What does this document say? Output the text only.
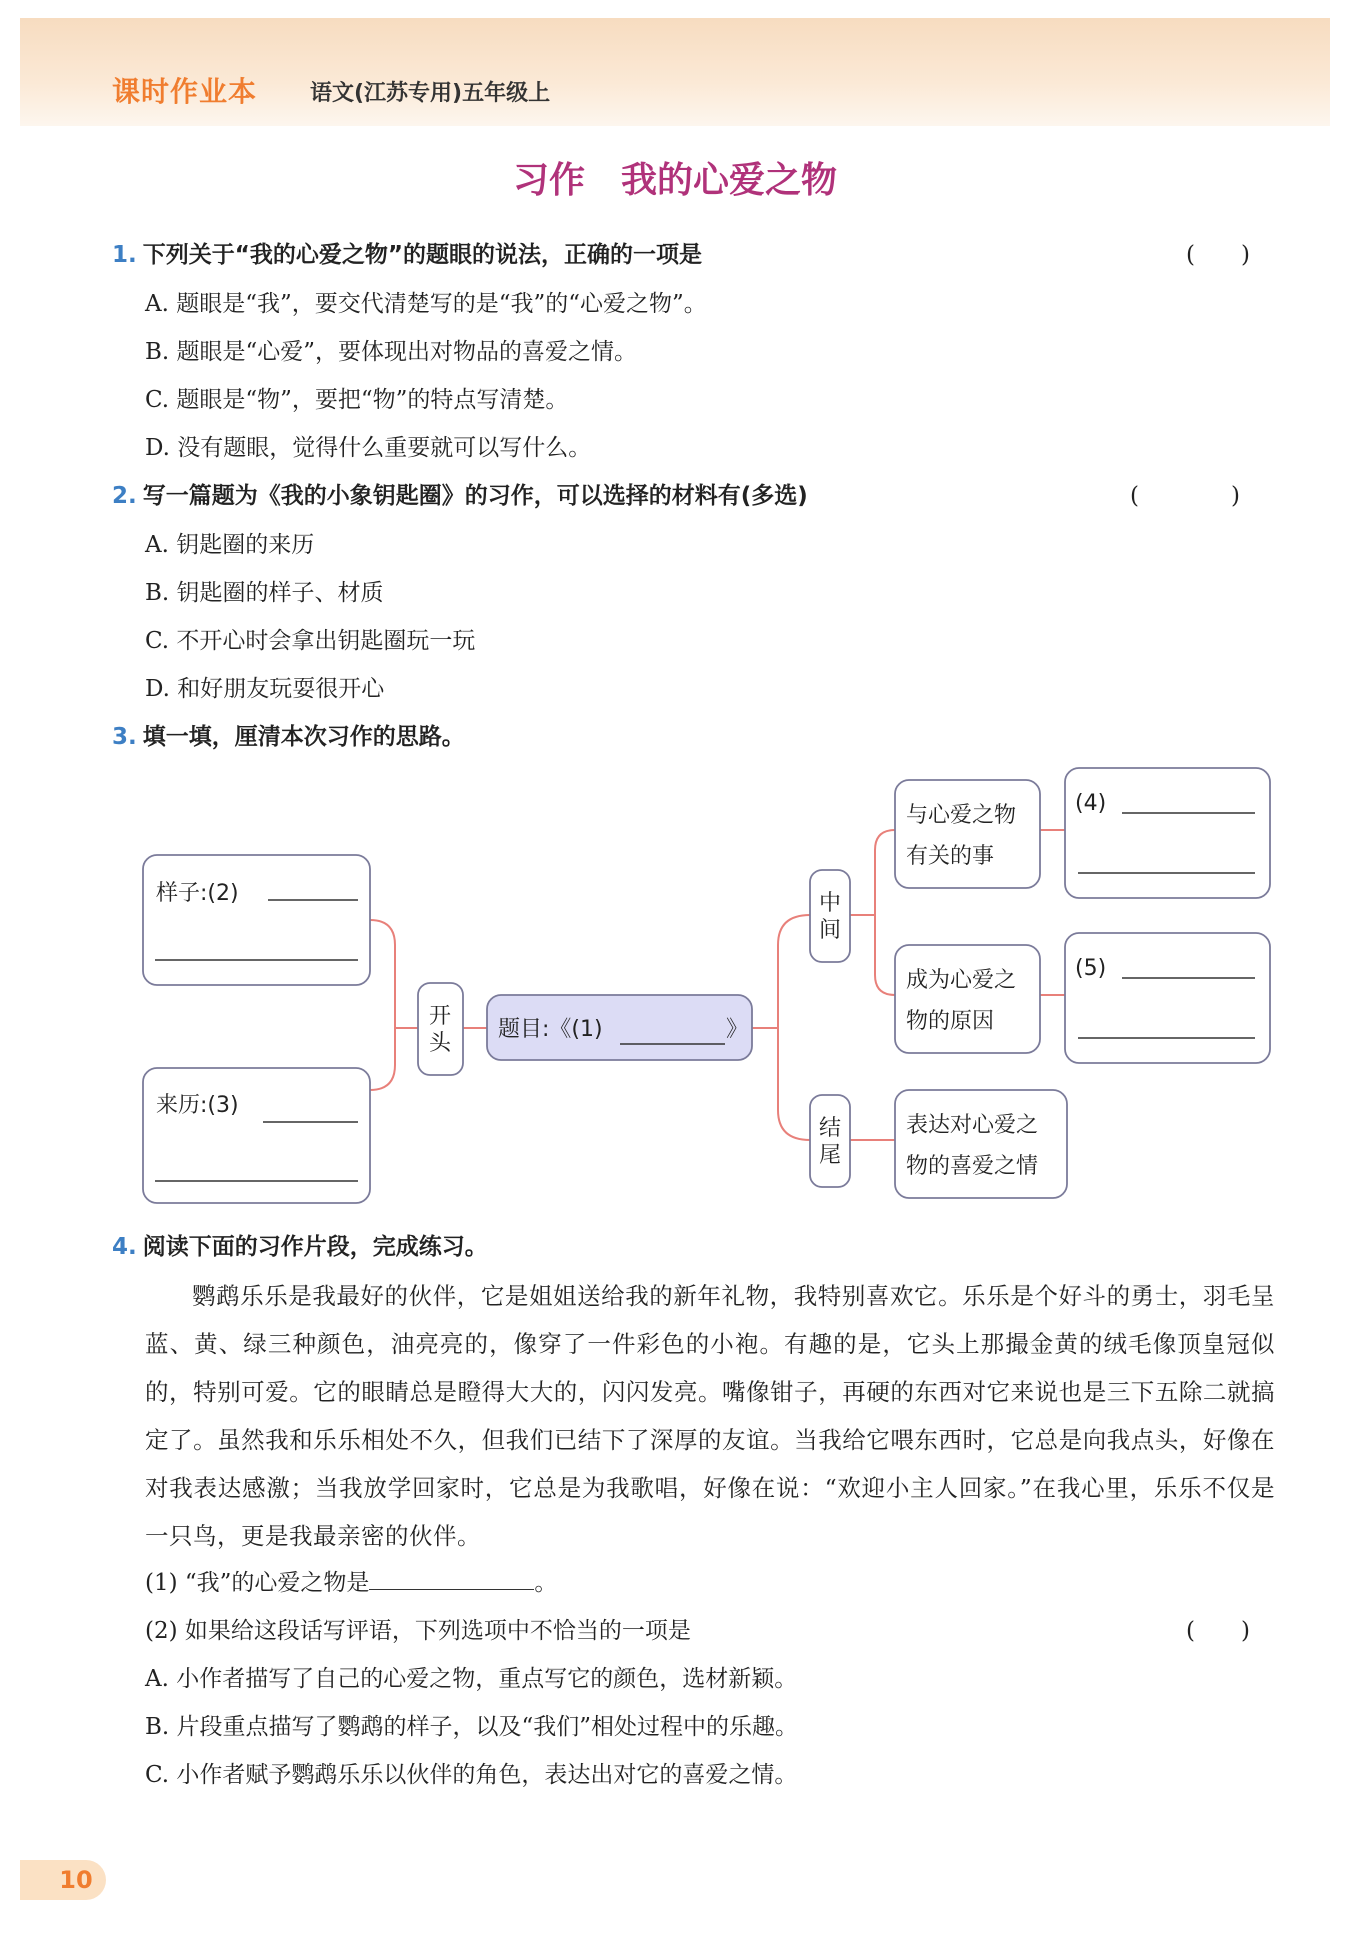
课时作业本 语文(江苏专用)五年级上
习作　我的心爱之物
1. 下列关于“我的心爱之物”的题眼的说法，正确的一项是	(　　)
A. 题眼是“我”，要交代清楚写的是“我”的“心爱之物”。
B. 题眼是“心爱”，要体现出对物品的喜爱之情。
C. 题眼是“物”，要把“物”的特点写清楚。
D. 没有题眼，觉得什么重要就可以写什么。
2. 写一篇题为《我的小象钥匙圈》的习作，可以选择的材料有(多选)	(　　　　)
A. 钥匙圈的来历
B. 钥匙圈的样子、材质
C. 不开心时会拿出钥匙圈玩一玩
D. 和好朋友玩耍很开心
3. 填一填，厘清本次习作的思路。
样子:(2)
来历:(3)
开
头
题目:《(1)	》
中
间
结
尾
与心爱之物
有关的事
成为心爱之
物的原因
表达对心爱之
物的喜爱之情
(4)
(5)
4. 阅读下面的习作片段，完成练习。
鹦鹉乐乐是我最好的伙伴，它是姐姐送给我的新年礼物，我特别喜欢它。乐乐是个好斗的勇士，羽毛呈蓝、黄、绿三种颜色，油亮亮的，像穿了一件彩色的小袍。有趣的是，它头上那撮金黄的绒毛像顶皇冠似的，特别可爱。它的眼睛总是瞪得大大的，闪闪发亮。嘴像钳子，再硬的东西对它来说也是三下五除二就搞定了。虽然我和乐乐相处不久，但我们已结下了深厚的友谊。当我给它喂东西时，它总是向我点头，好像在对我表达感激；当我放学回家时，它总是为我歌唱，好像在说：“欢迎小主人回家。”在我心里，乐乐不仅是一只鸟，更是我最亲密的伙伴。
(1) “我”的心爱之物是	。
(2) 如果给这段话写评语，下列选项中不恰当的一项是	(　　)
A. 小作者描写了自己的心爱之物，重点写它的颜色，选材新颖。
B. 片段重点描写了鹦鹉的样子，以及“我们”相处过程中的乐趣。
C. 小作者赋予鹦鹉乐乐以伙伴的角色，表达出对它的喜爱之情。
10
